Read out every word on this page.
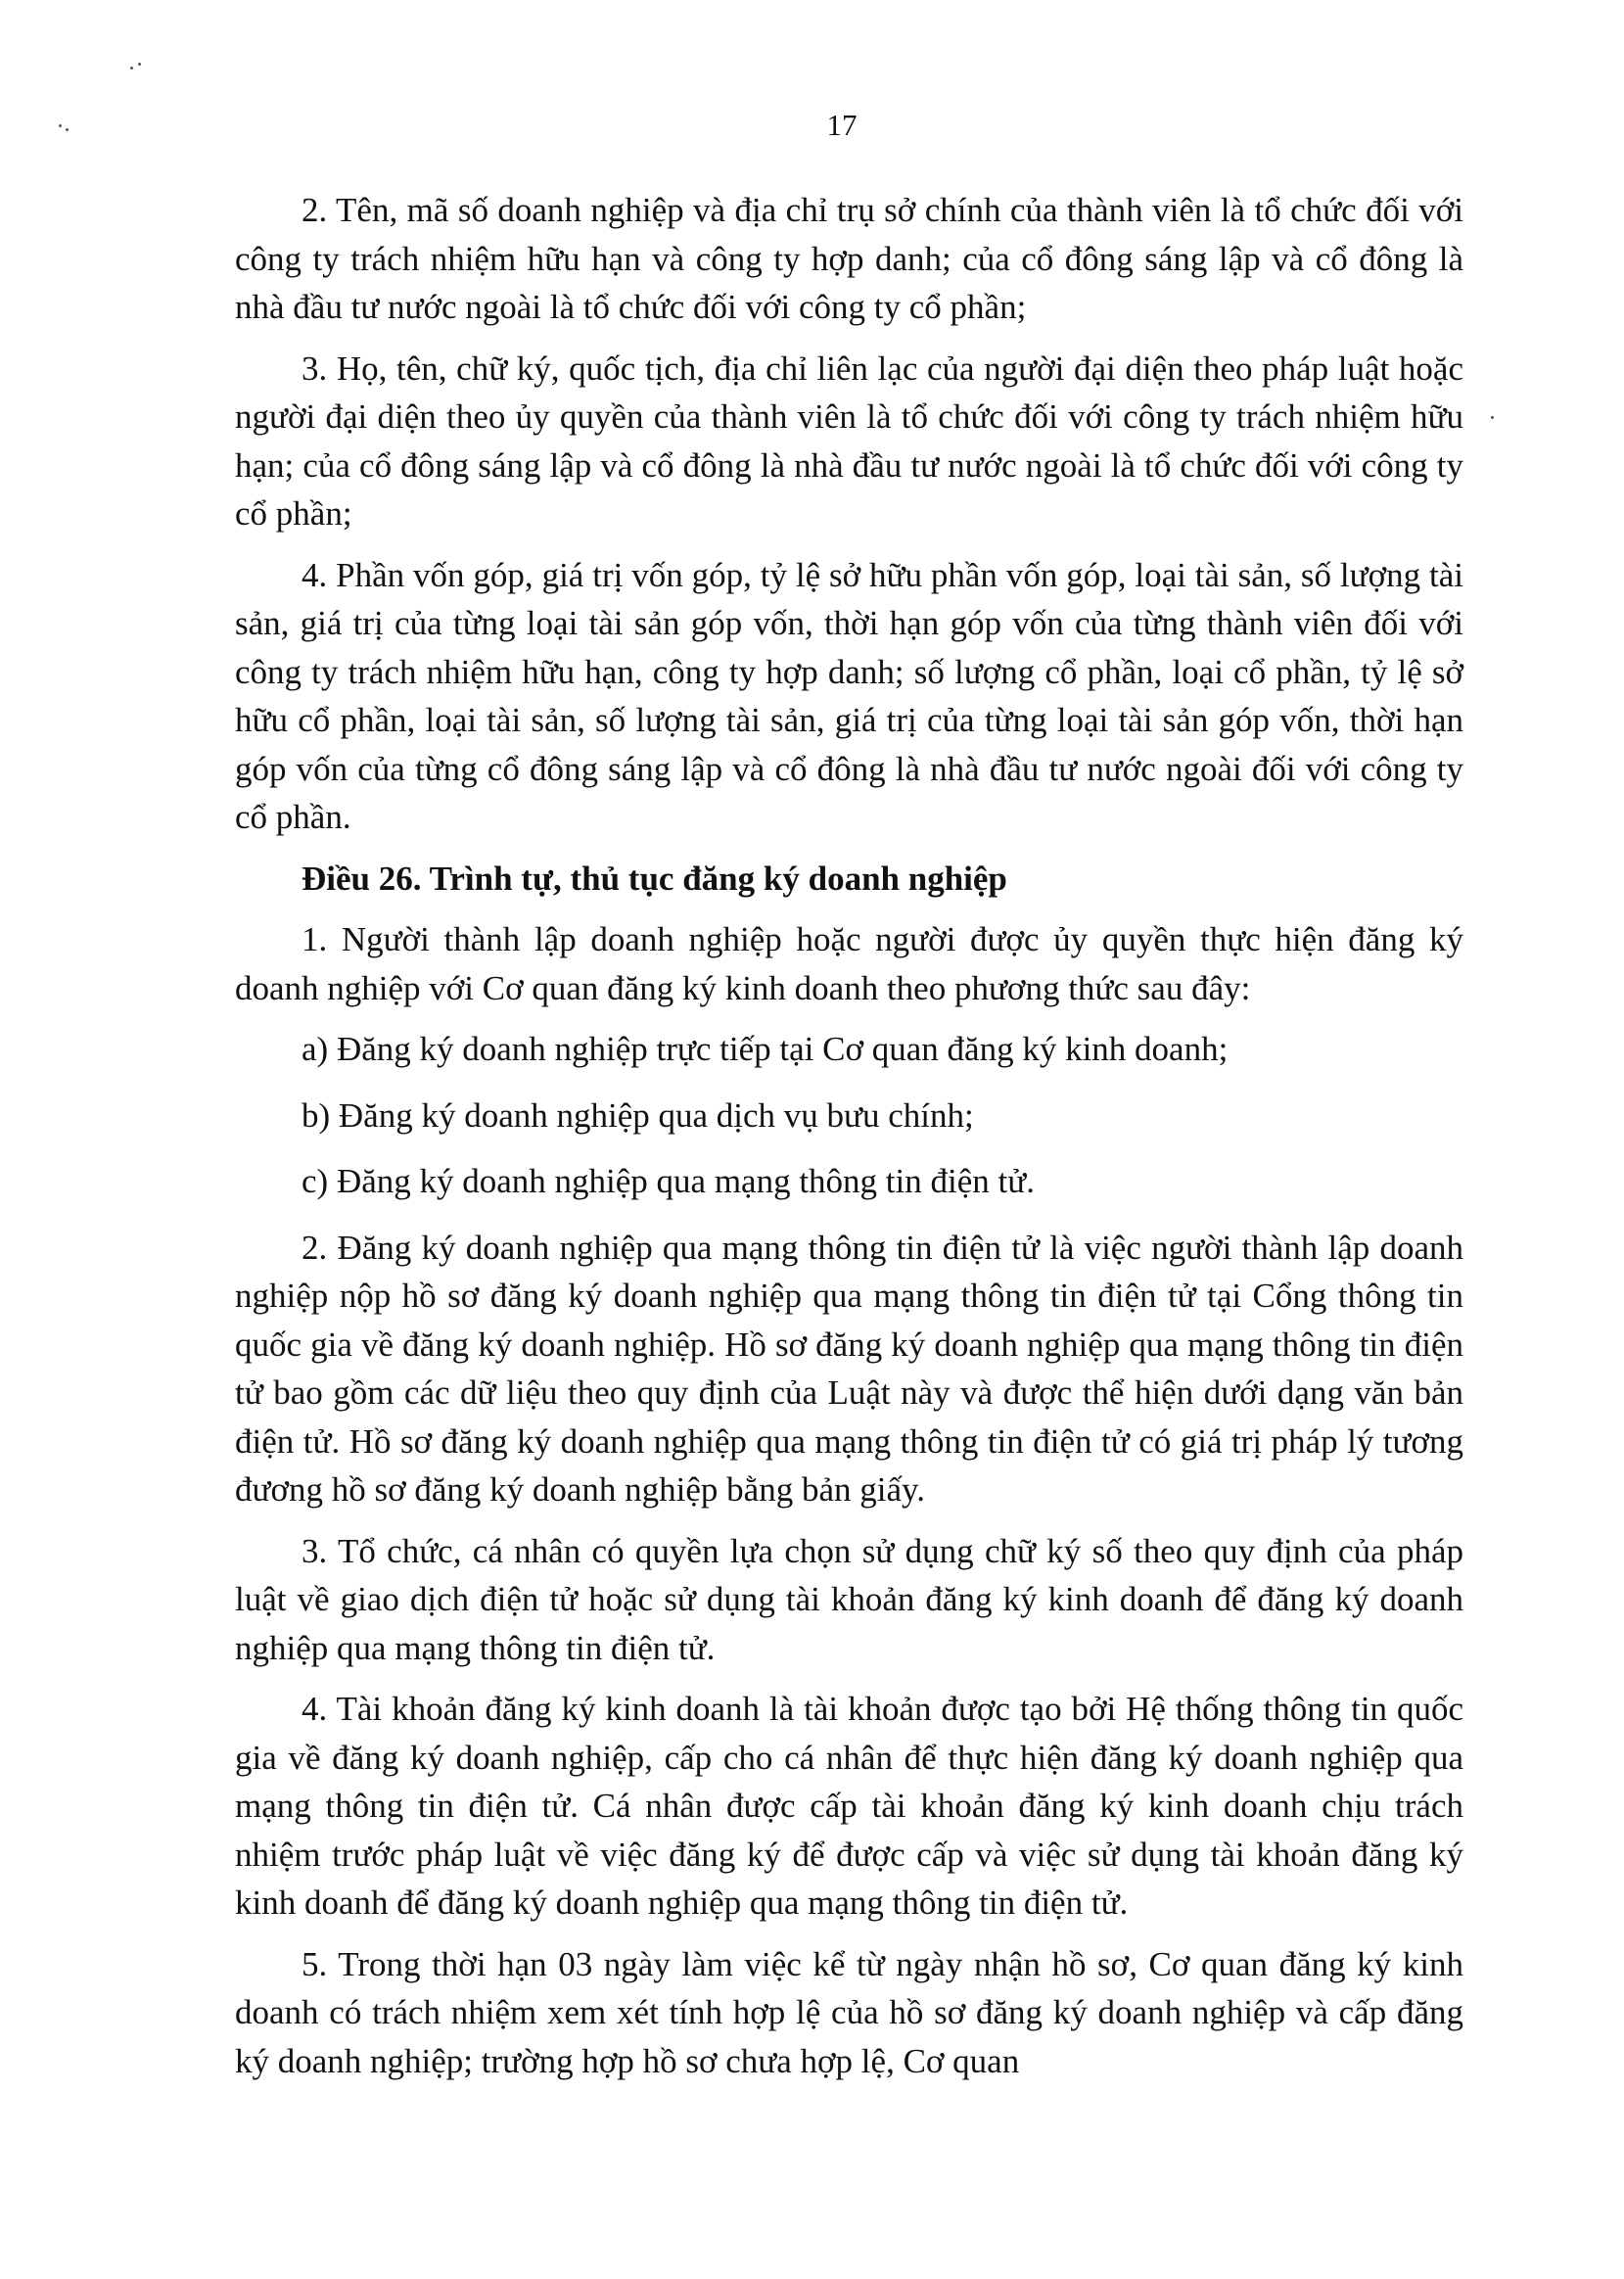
17

2. Tên, mã số doanh nghiệp và địa chỉ trụ sở chính của thành viên là tổ chức đối với công ty trách nhiệm hữu hạn và công ty hợp danh; của cổ đông sáng lập và cổ đông là nhà đầu tư nước ngoài là tổ chức đối với công ty cổ phần;

3. Họ, tên, chữ ký, quốc tịch, địa chỉ liên lạc của người đại diện theo pháp luật hoặc người đại diện theo ủy quyền của thành viên là tổ chức đối với công ty trách nhiệm hữu hạn; của cổ đông sáng lập và cổ đông là nhà đầu tư nước ngoài là tổ chức đối với công ty cổ phần;

4. Phần vốn góp, giá trị vốn góp, tỷ lệ sở hữu phần vốn góp, loại tài sản, số lượng tài sản, giá trị của từng loại tài sản góp vốn, thời hạn góp vốn của từng thành viên đối với công ty trách nhiệm hữu hạn, công ty hợp danh; số lượng cổ phần, loại cổ phần, tỷ lệ sở hữu cổ phần, loại tài sản, số lượng tài sản, giá trị của từng loại tài sản góp vốn, thời hạn góp vốn của từng cổ đông sáng lập và cổ đông là nhà đầu tư nước ngoài đối với công ty cổ phần.

Điều 26. Trình tự, thủ tục đăng ký doanh nghiệp

1. Người thành lập doanh nghiệp hoặc người được ủy quyền thực hiện đăng ký doanh nghiệp với Cơ quan đăng ký kinh doanh theo phương thức sau đây:

a) Đăng ký doanh nghiệp trực tiếp tại Cơ quan đăng ký kinh doanh;

b) Đăng ký doanh nghiệp qua dịch vụ bưu chính;

c) Đăng ký doanh nghiệp qua mạng thông tin điện tử.

2. Đăng ký doanh nghiệp qua mạng thông tin điện tử là việc người thành lập doanh nghiệp nộp hồ sơ đăng ký doanh nghiệp qua mạng thông tin điện tử tại Cổng thông tin quốc gia về đăng ký doanh nghiệp. Hồ sơ đăng ký doanh nghiệp qua mạng thông tin điện tử bao gồm các dữ liệu theo quy định của Luật này và được thể hiện dưới dạng văn bản điện tử. Hồ sơ đăng ký doanh nghiệp qua mạng thông tin điện tử có giá trị pháp lý tương đương hồ sơ đăng ký doanh nghiệp bằng bản giấy.

3. Tổ chức, cá nhân có quyền lựa chọn sử dụng chữ ký số theo quy định của pháp luật về giao dịch điện tử hoặc sử dụng tài khoản đăng ký kinh doanh để đăng ký doanh nghiệp qua mạng thông tin điện tử.

4. Tài khoản đăng ký kinh doanh là tài khoản được tạo bởi Hệ thống thông tin quốc gia về đăng ký doanh nghiệp, cấp cho cá nhân để thực hiện đăng ký doanh nghiệp qua mạng thông tin điện tử. Cá nhân được cấp tài khoản đăng ký kinh doanh chịu trách nhiệm trước pháp luật về việc đăng ký để được cấp và việc sử dụng tài khoản đăng ký kinh doanh để đăng ký doanh nghiệp qua mạng thông tin điện tử.

5. Trong thời hạn 03 ngày làm việc kể từ ngày nhận hồ sơ, Cơ quan đăng ký kinh doanh có trách nhiệm xem xét tính hợp lệ của hồ sơ đăng ký doanh nghiệp và cấp đăng ký doanh nghiệp; trường hợp hồ sơ chưa hợp lệ, Cơ quan
